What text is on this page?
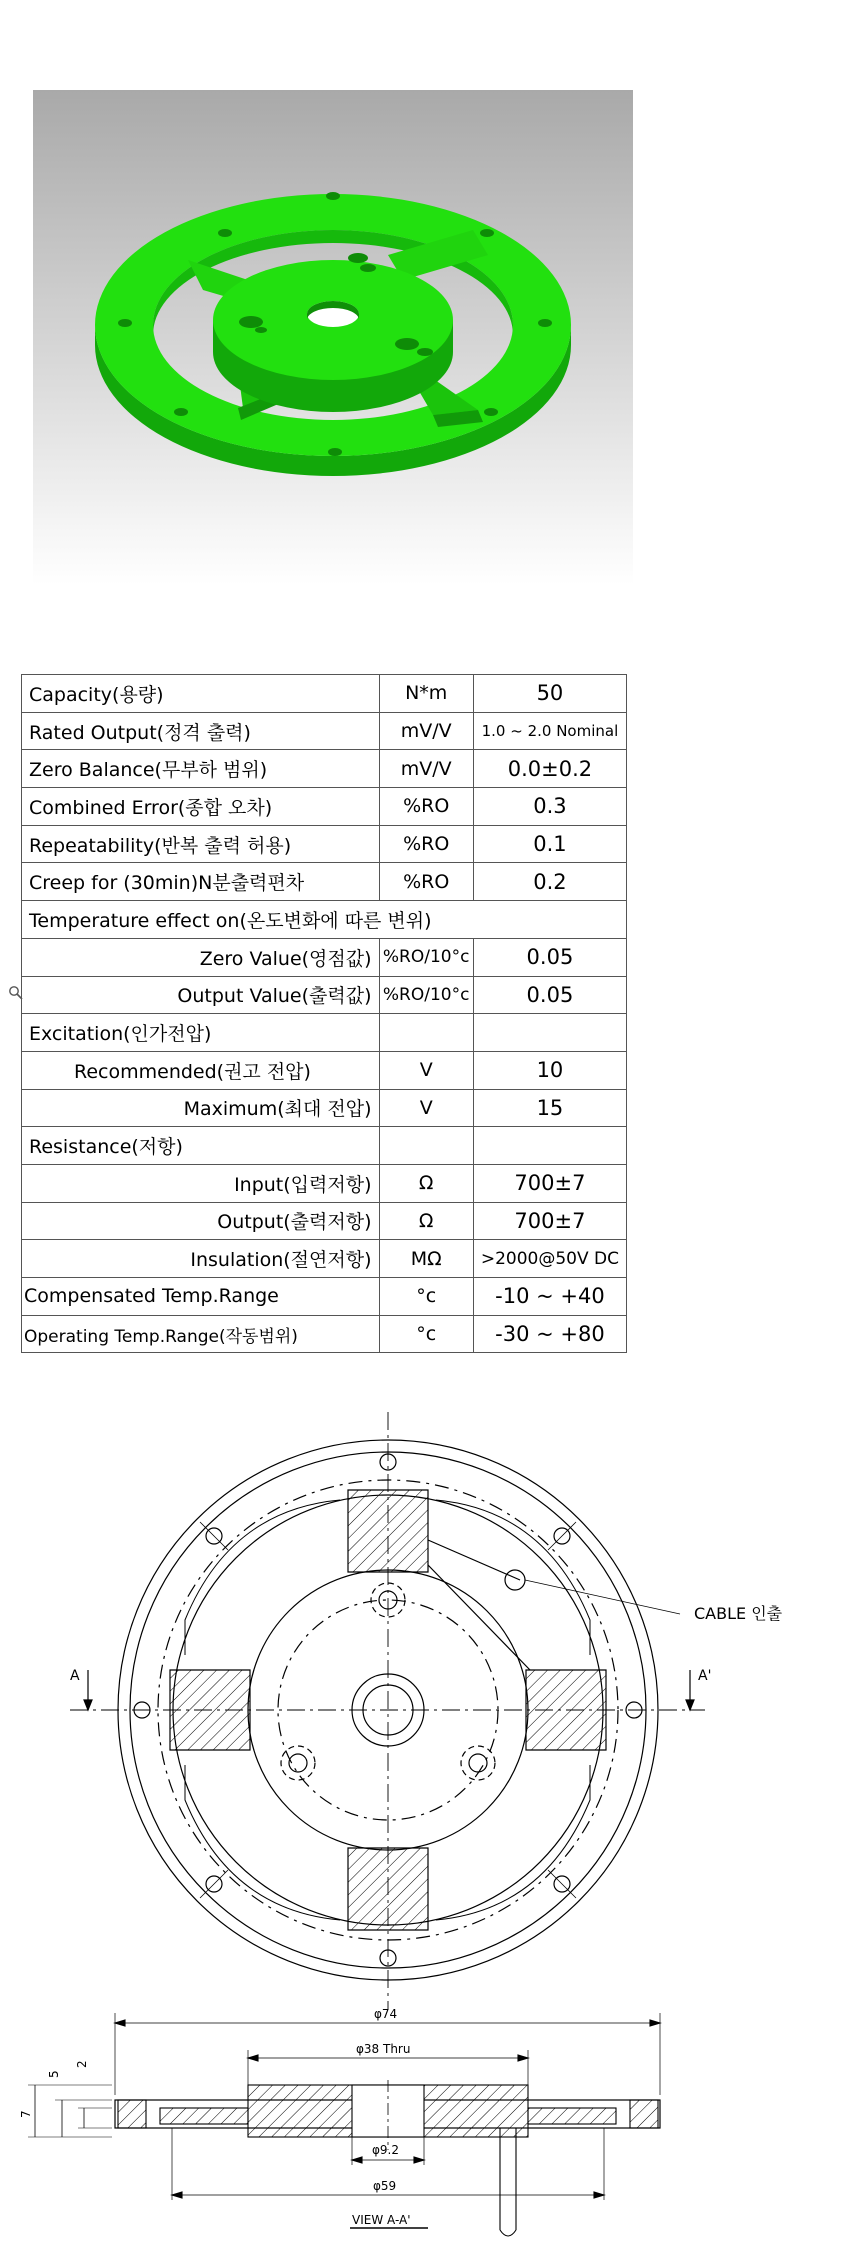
Capacity(용량)	N*m	50
Rated Output(정격 출력)	mV/V	1.0 ~ 2.0 Nominal
Zero Balance(무부하 범위)	mV/V	0.0±0.2
Combined Error(종합 오차)	%RO	0.3
Repeatability(반복 출력 허용)	%RO	0.1
Creep for (30min)N분출력편차	%RO	0.2
Temperature effect on(온도변화에 따른 변위)		
Zero Value(영점값)	%RO/10°c	0.05
Output Value(출력값)	%RO/10°c	0.05
Excitation(인가전압)		
Recommended(권고 전압)	V	10
Maximum(최대 전압)	V	15
Resistance(저항)		
Input(입력저항)	Ω	700±7
Output(출력저항)	Ω	700±7
Insulation(절연저항)	MΩ	>2000@50V DC
Compensated Temp.Range	°c	-10 ~ +40
Operating Temp.Range(작동범위)	°c	-30 ~ +80
A	A'
CABLE 인출
φ74
φ38 Thru
φ9.2
φ59
7
5
2
VIEW A-A'
